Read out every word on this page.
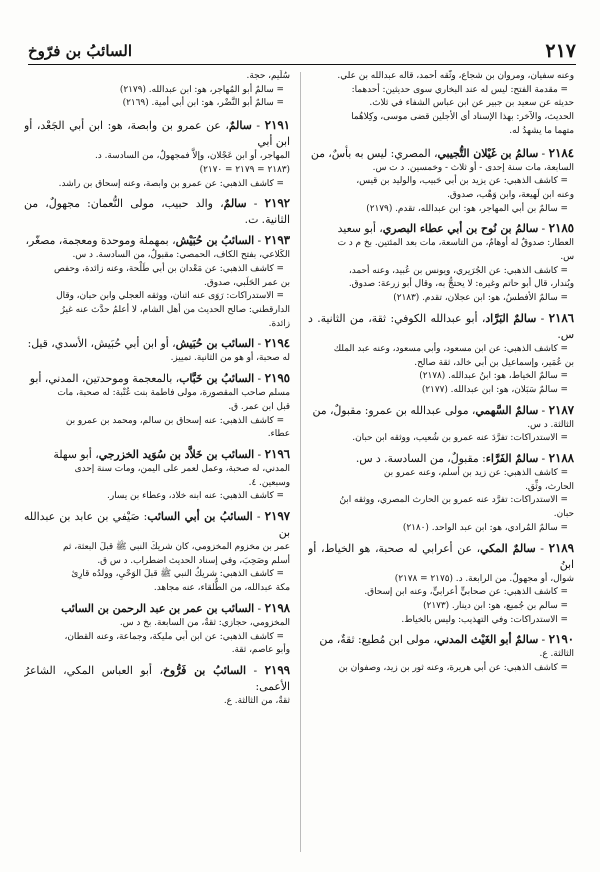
٢١٧
السائبُ بن فرّوخ

وعنه سفيان، ومروان بن شجاع، وثَّقه أحمد، قاله عبدالله بن علي.

= مقدمة الفتح: ليس له عند البخاري سوى حديثين: أحدهما:

حديثه عن سعيد بن جبير عن ابن عباس الشفاء في ثلاث.

الحديث، والآخر: بهذا الإسناد أي الأجلين قضى موسى، وكِلاهُما

متهما ما يشهدُ له.

٢١٨٤ - سالمُ بن غَيْلان التُّجيبي، المصري: ليس به بأسٌ، من

السابعة، مات سنة إحدى - أو ثلاث - وخمسين. د ت س.

= كاشف الذهبي: عن يزيد بن أبي حَبيب، والوليد بن قيس،

وعنه ابن لَهيعة، وابن وَهْب، صدوق.

= سالمٌ بن أبي المهاجر، هو: ابن عبدالله، تقدم. (٢١٧٩)

٢١٨٥ - سالمُ بن نُوح بن أبي عطاء البصري، أبو سعيد

العطار: صدوقٌ له أوهامٌ، من التاسعة، مات بعد المئتين. بخ م د ت

س.

= كاشف الذهبي: عن الجُرَيري، ويونس بن عُبيد، وعنه أحمد،

وبُندار، قال أبو حاتم وغيره: لا يحتجُّ به، وقال أبو زرعة: صدوق.

= سالمٌ الأفطسُ، هو: ابن عجلان، تقدم. (٢١٨٣)

٢١٨٦ - سالمٌ البَرَّاد، أبو عبدالله الكوفي: ثقة، من الثانية. د س.

= كاشف الذهبي: عن ابن مسعود، وأبي مسعود، وعنه عبد الملك

بن عُمَير، وإسماعيل بن أبي خالد، ثقة صالح.

= سالمٌ الخياط، هو: ابنُ عبدالله. (٢١٧٨)

= سالمٌ سَبَلان، هو: ابن عبدالله. (٢١٧٧)

٢١٨٧ - سالمٌ السَّهمي، مولى عبدالله بن عمرو: مقبولٌ، من

الثالثة. د س.

= الاستدراكات: تفرَّدَ عنه عمرو بن شُعيب، ووثقه ابن حبان.

٢١٨٨ - سالمٌ الفَرَّاء: مقبولٌ، من السادسة. د س.

= كاشف الذهبي: عن زيد بن أسلم، وعنه عمرو بن

الحارث، وثِّق.

= الاستدراكات: تفرَّد عنه عمرو بن الحارث المصري، ووثقه ابنُ

حبان.

= سالمٌ المُرادي، هو: ابن عبد الواحد. (٢١٨٠)

٢١٨٩ - سالمٌ المكي، عن أعرابي له صحبة، هو الخياط، أو ابنُ

شوال، أو مجهولٌ. من الرابعة. د. (٢١٧٥ = ٢١٧٨)

= كاشف الذهبي: عن صحابيٍّ أعرابيٍّ، وعنه ابن إسحاق.

= سالم بن جُميع، هو: ابن دينار. (٢١٧٣)

= الاستدراكات: وفي التهذيب: وليس بالخياط.

٢١٩٠ - سالمٌ أبو الغَيْث المدني، مولى ابن مُطيع: ثقةٌ، من

الثالثة. ع.

= كاشف الذهبي: عن أبي هريرة، وعنه ثور بن زيد، وصفوان بن

سُلَيم، حجة.

= سالمٌ أبو المُهاجر، هو: ابن عبدالله. (٢١٧٩)

= سالمٌ أبو النَّضْر، هو: ابن أبي أمية. (٢١٦٩)

٢١٩١ - سالمٌ، عن عمرو بن وابصة، هو: ابن أبي الجَعْد، أو ابن أبي

المهاجر، أو ابن عَجْلان، وإلاَّ فمجهولٌ، من السادسة. د.

(٢١٨٣ = ٢١٧٩ = ٢١٧٠)

= كاشف الذهبي: عن عمرو بن وابصة، وعنه إسحاق بن راشد.

٢١٩٢ - سالمٌ، والد حبيب، مولى النُّعمان: مجهولٌ، من الثانية. ت.

٢١٩٣ - السائبُ بن حُبَيْش، بمهملة وموحدة ومعجمة، مصغّر،

الكَلاعي، بفتح الكاف، الحمصي: مقبولٌ، من السادسة. د س.

= كاشف الذهبي: عن مَعْدان بن أبي طَلْحة، وعنه زائدة، وحفص

بن عمر الحَلَبي، صدوق.

= الاستدراكات: رَوَى عنه اثنان، ووثقه العجلي وابن حبان، وقال

الدارقطني: صالح الحديث من أهل الشام، لا أعلمُ حدَّث عنه غيرُ

زائدة.

٢١٩٤ - السائب بن حُبَيش، أو ابن أبي حُبَيش، الأسدي، قيل:

له صحبة، أو هو من الثانية. تمييز.

٢١٩٥ - السائبُ بن خَبَّاب، بالمعجمة وموحدتين، المدني، أبو

مسلم صاحب المقصورة، مولى فاطمة بنت عُتْبة: له صحبة، مات

قبل ابن عمر. ق.

= كاشف الذهبي: عنه إسحاق بن سالم، ومحمد بن عمرو بن

عطاء.

٢١٩٦ - السائب بن خَلاَّد بن سُوَيد الخزرجي، أبو سهلة

المدني، له صحبة، وعمل لعمر على اليمن، ومات سنة إحدى

وسبعين. ٤.

= كاشف الذهبي: عنه ابنه خلاد، وعطاء بن يسار.

٢١٩٧ - السائبُ بن أبي السائب: صَيْفي بن عابد بن عبدالله بن

عمر بن مخزوم المخزومي، كان شريكَ النبي ﷺ قبلَ البعثة، ثم

أسلم وصَحِبَ، وفي إسناد الحديث اضطراب. د س ق.

= كاشف الذهبي: شريكُ النبي ﷺ قبلَ الوَحْيِ، وولدُه قارِئ

مكة عبدالله، من الطُّلقاء، عنه مجاهد.

٢١٩٨ - السائب بن عمر بن عبد الرحمن بن السائب

المخزومي، حجازي: ثقةٌ، من السابعة. بخ د س.

= كاشف الذهبي: عن ابن أبي مليكة، وجماعة، وعنه القطان،

وأبو عاصم، ثقة.

٢١٩٩ - السائبُ بن فَرُّوخ، أبو العباس المكي، الشاعرُ الأعمى:

ثقةٌ، من الثالثة. ع.
